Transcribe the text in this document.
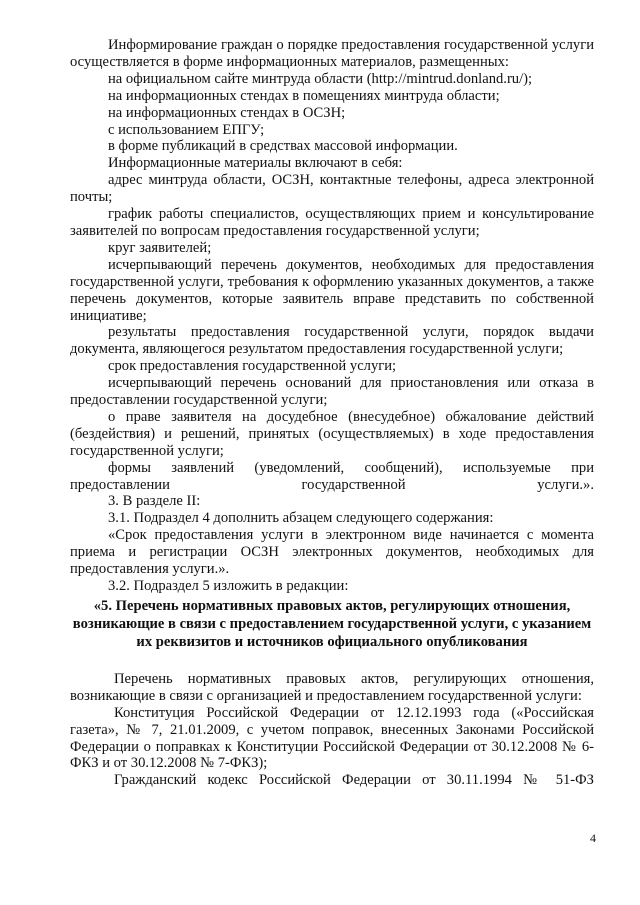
Информирование граждан о порядке предоставления государственной услуги осуществляется в форме информационных материалов, размещенных:

на официальном сайте минтруда области (http://mintrud.donland.ru/);

на информационных стендах в помещениях минтруда области;

на информационных стендах в ОСЗН;

с использованием ЕПГУ;

в форме публикаций в средствах массовой информации.

Информационные материалы включают в себя:

адрес минтруда области, ОСЗН, контактные телефоны, адреса электронной почты;

график работы специалистов, осуществляющих прием и консультирование заявителей по вопросам предоставления государственной услуги;

круг заявителей;

исчерпывающий перечень документов, необходимых для предоставления государственной услуги, требования к оформлению указанных документов, а также перечень документов, которые заявитель вправе представить по собственной инициативе;

результаты предоставления государственной услуги, порядок выдачи документа, являющегося результатом предоставления государственной услуги;

срок предоставления государственной услуги;

исчерпывающий перечень оснований для приостановления или отказа в предоставлении государственной услуги;

о праве заявителя на досудебное (внесудебное) обжалование действий (бездействия) и решений, принятых (осуществляемых) в ходе предоставления государственной услуги;

формы заявлений (уведомлений, сообщений), используемые при предоставлении государственной услуги.».

3. В разделе II:

3.1. Подраздел 4 дополнить абзацем следующего содержания:

«Срок предоставления услуги в электронном виде начинается с момента приема и регистрации ОСЗН электронных документов, необходимых для предоставления услуги.».

3.2. Подраздел 5 изложить в редакции:

«5. Перечень нормативных правовых актов, регулирующих отношения, возникающие в связи с предоставлением государственной услуги, с указанием их реквизитов и источников официального опубликования

Перечень нормативных правовых актов, регулирующих отношения, возникающие в связи с организацией и предоставлением государственной услуги:

Конституция Российской Федерации от 12.12.1993 года («Российская газета», № 7, 21.01.2009, с учетом поправок, внесенных Законами Российской Федерации о поправках к Конституции Российской Федерации от 30.12.2008 № 6-ФКЗ и от 30.12.2008 № 7-ФКЗ);

Гражданский кодекс Российской Федерации от 30.11.1994 № 51-ФЗ

4
